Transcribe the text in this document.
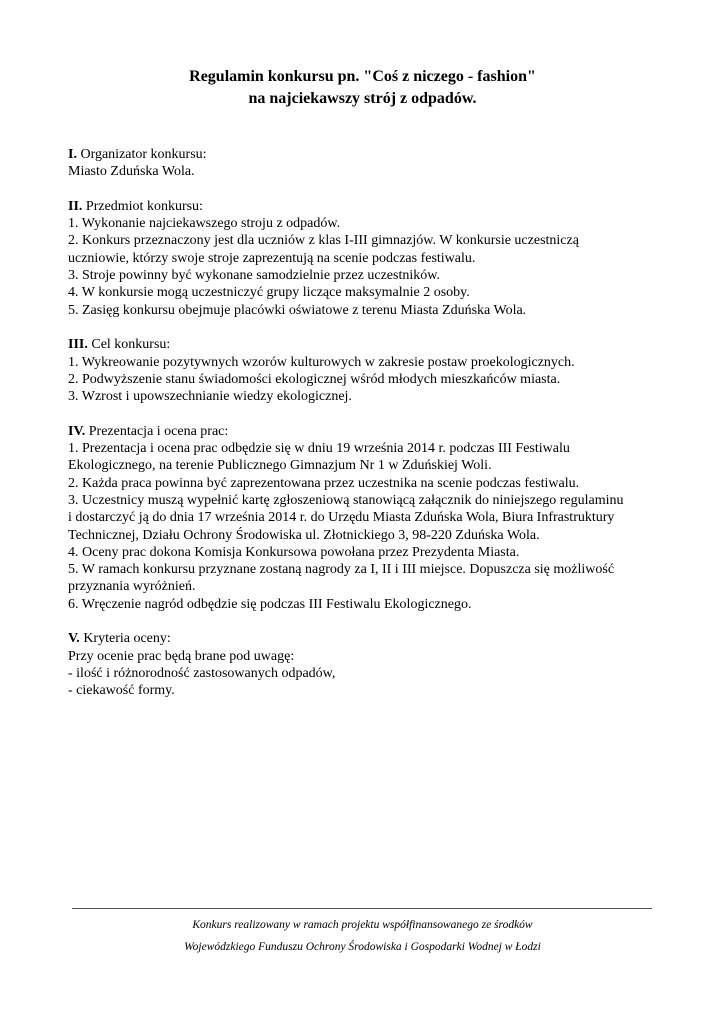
Regulamin konkursu pn. "Coś z niczego - fashion"
na najciekawszy strój z odpadów.
I. Organizator konkursu:
Miasto Zduńska Wola.
II. Przedmiot konkursu:
1. Wykonanie najciekawszego stroju z odpadów.
2. Konkurs przeznaczony jest dla uczniów z klas I-III gimnazjów. W konkursie uczestniczą
uczniowie, którzy swoje stroje zaprezentują na scenie podczas festiwalu.
3. Stroje powinny być wykonane samodzielnie przez uczestników.
4. W konkursie mogą uczestniczyć grupy liczące maksymalnie 2 osoby.
5. Zasięg konkursu obejmuje placówki oświatowe z terenu Miasta Zduńska Wola.
III. Cel konkursu:
1. Wykreowanie pozytywnych wzorów kulturowych w zakresie postaw proekologicznych.
2. Podwyższenie stanu świadomości ekologicznej wśród młodych mieszkańców miasta.
3. Wzrost i upowszechnianie wiedzy ekologicznej.
IV. Prezentacja i ocena prac:
1. Prezentacja i ocena prac odbędzie się w dniu 19 września 2014 r. podczas III Festiwalu
Ekologicznego, na terenie Publicznego Gimnazjum Nr 1 w Zduńskiej Woli.
2. Każda praca powinna być zaprezentowana przez uczestnika na scenie podczas festiwalu.
3. Uczestnicy muszą wypełnić kartę zgłoszeniową stanowiącą załącznik do niniejszego regulaminu
i dostarczyć ją do dnia 17 września 2014 r. do Urzędu Miasta Zduńska Wola, Biura Infrastruktury
Technicznej, Działu Ochrony Środowiska ul. Złotnickiego 3, 98-220 Zduńska Wola.
4. Oceny prac dokona Komisja Konkursowa powołana przez Prezydenta Miasta.
5. W ramach konkursu przyznane zostaną nagrody za I, II i III miejsce. Dopuszcza się możliwość
przyznania wyróżnień.
6. Wręczenie nagród odbędzie się podczas III Festiwalu Ekologicznego.
V. Kryteria oceny:
Przy ocenie prac będą brane pod uwagę:
- ilość i różnorodność zastosowanych odpadów,
- ciekawość formy.
Konkurs realizowany w ramach projektu współfinansowanego ze środków
Wojewódzkiego Funduszu Ochrony Środowiska i Gospodarki Wodnej w Łodzi
